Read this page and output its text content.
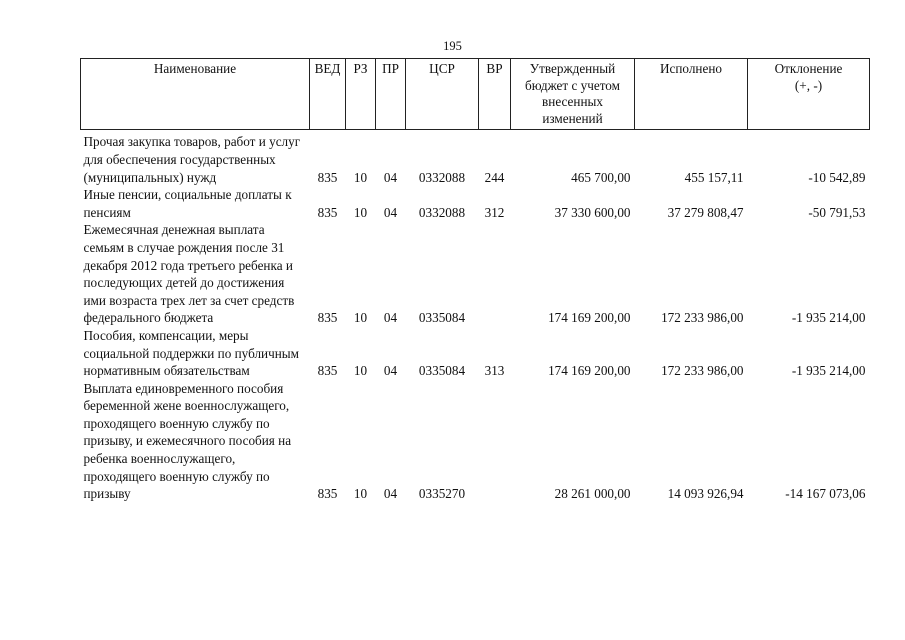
195
Наименование	ВЕД	РЗ	ПР	ЦСР	ВР	Утвержденный бюджет с учетом внесенных изменений	Исполнено	Отклонение
(+, -)
Прочая закупка товаров, работ и услуг для обеспечения государственных (муниципальных) нужд	835	10	04	0332088	244	465 700,00	455 157,11	-10 542,89
Иные пенсии, социальные доплаты к пенсиям	835	10	04	0332088	312	37 330 600,00	37 279 808,47	-50 791,53
Ежемесячная денежная выплата семьям в случае рождения после 31 декабря 2012 года третьего ребенка и последующих детей до достижения ими возраста трех лет за счет средств федерального бюджета	835	10	04	0335084		174 169 200,00	172 233 986,00	-1 935 214,00
Пособия, компенсации, меры социальной поддержки по публичным нормативным обязательствам	835	10	04	0335084	313	174 169 200,00	172 233 986,00	-1 935 214,00
Выплата единовременного пособия беременной жене военнослужащего, проходящего военную службу по призыву, и ежемесячного пособия на ребенка военнослужащего, проходящего военную службу по призыву	835	10	04	0335270		28 261 000,00	14 093 926,94	-14 167 073,06
